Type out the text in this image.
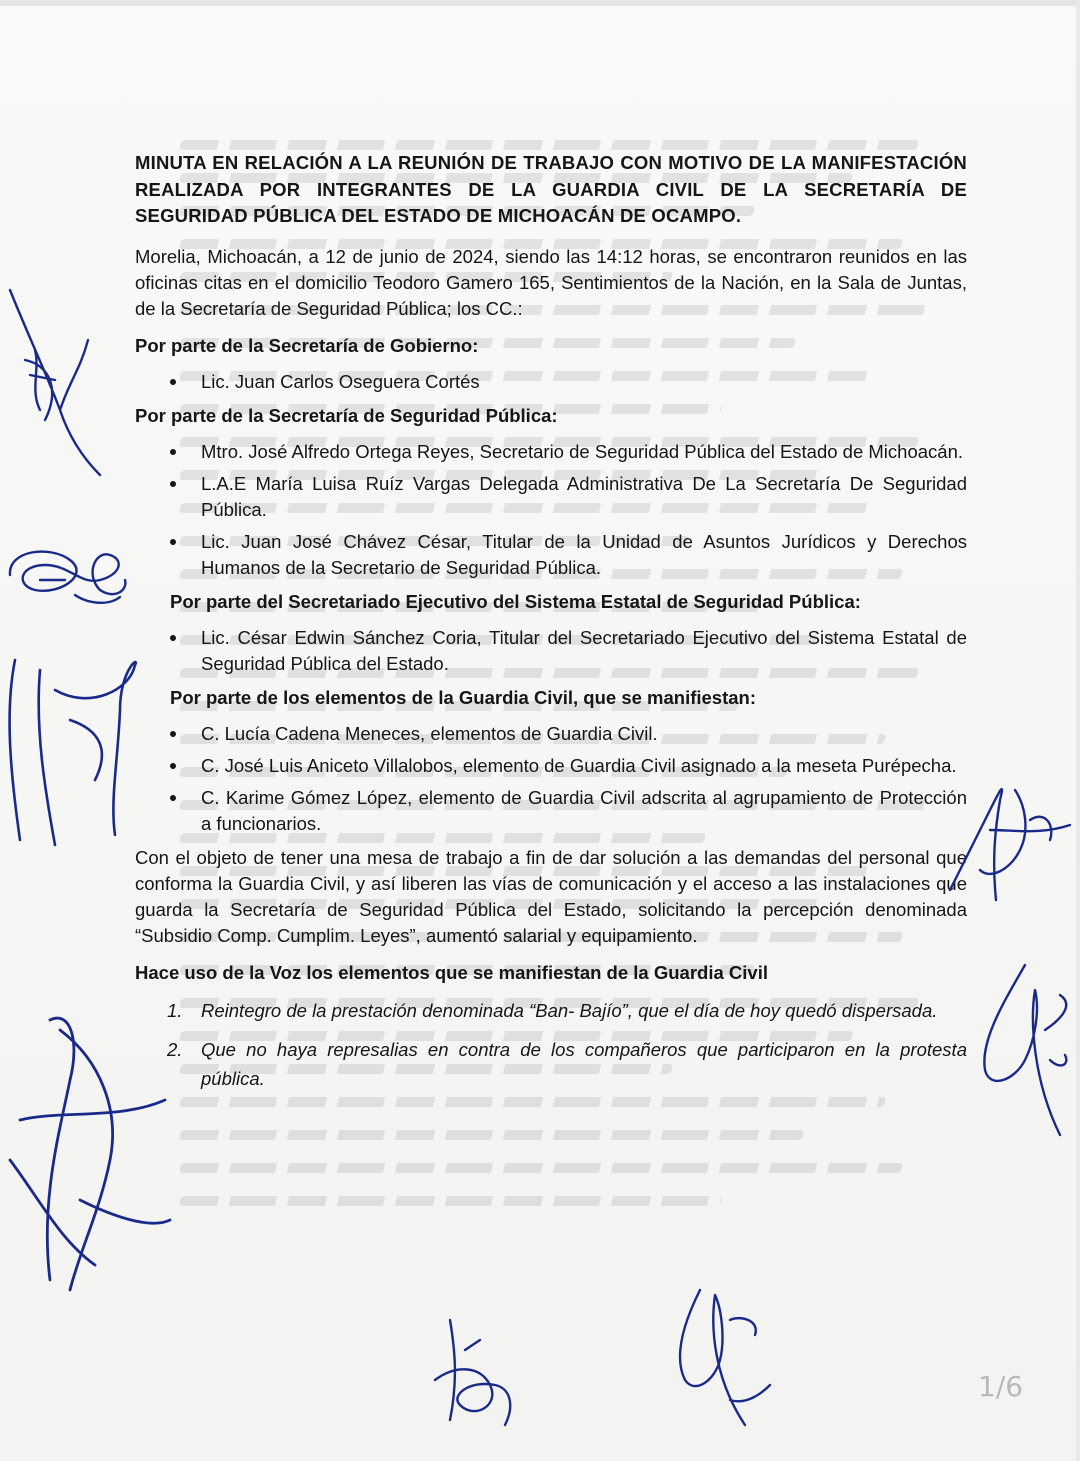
MINUTA EN RELACIÓN A LA REUNIÓN DE TRABAJO CON MOTIVO DE LA MANIFESTACIÓN REALIZADA POR INTEGRANTES DE LA GUARDIA CIVIL DE LA SECRETARÍA DE SEGURIDAD PÚBLICA DEL ESTADO DE MICHOACÁN DE OCAMPO.

Morelia, Michoacán, a 12 de junio de 2024, siendo las 14:12 horas, se encontraron reunidos en las oficinas citas en el domicilio Teodoro Gamero 165, Sentimientos de la Nación, en la Sala de Juntas, de la Secretaría de Seguridad Pública; los CC.:

Por parte de la Secretaría de Gobierno:

Lic. Juan Carlos Oseguera Cortés

Por parte de la Secretaría de Seguridad Pública:

Mtro. José Alfredo Ortega Reyes, Secretario de Seguridad Pública del Estado de Michoacán.
L.A.E María Luisa Ruíz Vargas Delegada Administrativa De La Secretaría De Seguridad Pública.
Lic. Juan José Chávez César, Titular de la Unidad de Asuntos Jurídicos y Derechos Humanos de la Secretario de Seguridad Pública.

Por parte del Secretariado Ejecutivo del Sistema Estatal de Seguridad Pública:

Lic. César Edwin Sánchez Coria, Titular del Secretariado Ejecutivo del Sistema Estatal de Seguridad Pública del Estado.

Por parte de los elementos de la Guardia Civil, que se manifiestan:

C. Lucía Cadena Meneces, elementos de Guardia Civil.
C. José Luis Aniceto Villalobos, elemento de Guardia Civil asignado a la meseta Purépecha.
C. Karime Gómez López, elemento de Guardia Civil adscrita al agrupamiento de Protección a funcionarios.

Con el objeto de tener una mesa de trabajo a fin de dar solución a las demandas del personal que conforma la Guardia Civil, y así liberen las vías de comunicación y el acceso a las instalaciones que guarda la Secretaría de Seguridad Pública del Estado, solicitando la percepción denominada “Subsidio Comp. Cumplim. Leyes”, aumentó salarial y equipamiento.

Hace uso de la Voz los elementos que se manifiestan de la Guardia Civil

1. Reintegro de la prestación denominada “Ban- Bajío”, que el día de hoy quedó dispersada.
2. Que no haya represalias en contra de los compañeros que participaron en la protesta pública.
1/6
